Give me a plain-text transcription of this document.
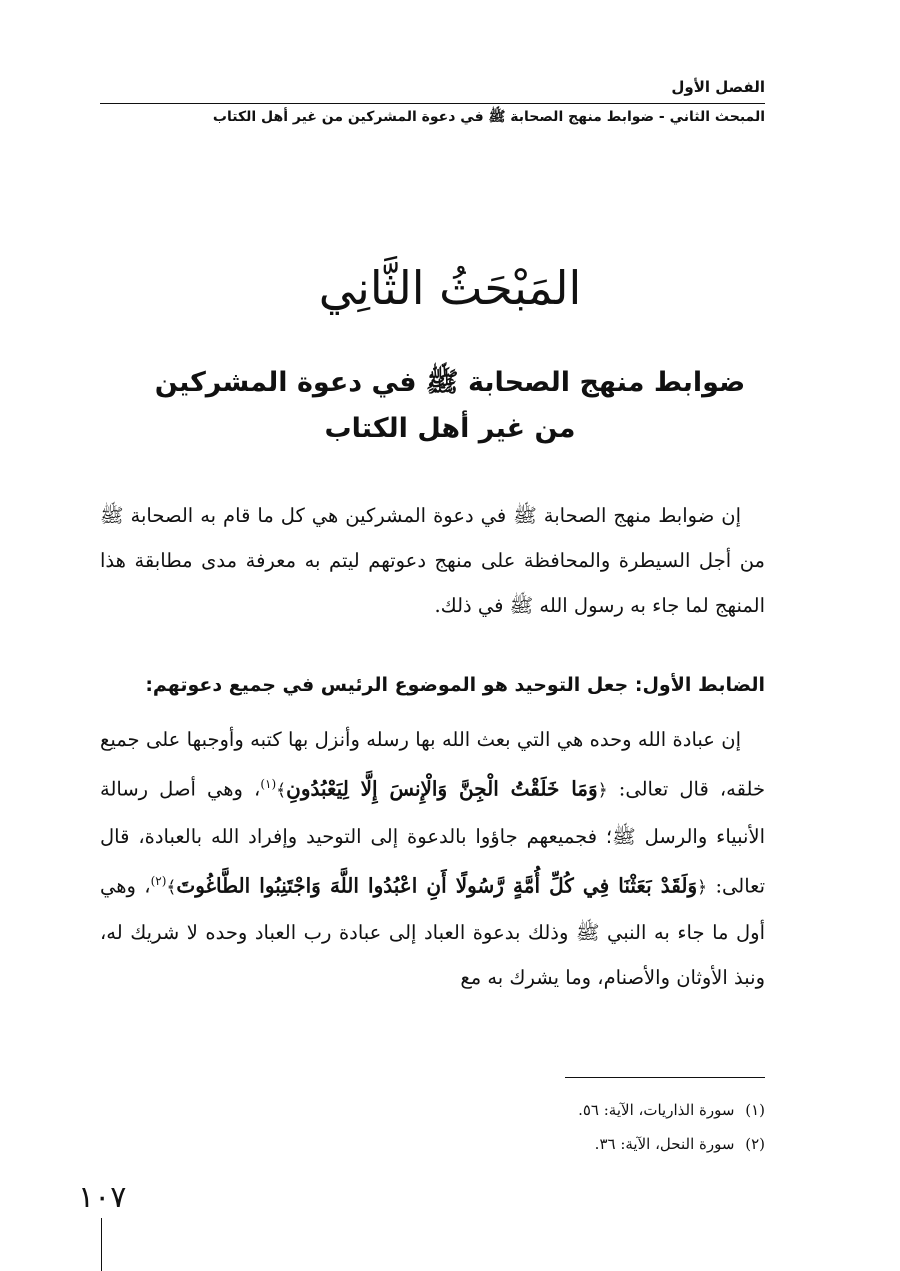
الفصل الأول
المبحث الثاني - ضوابط منهج الصحابة ﷺ في دعوة المشركين من غير أهل الكتاب
المَبْحَثُ الثَّانِي
ضوابط منهج الصحابة ﷺ في دعوة المشركين
من غير أهل الكتاب
إن ضوابط منهج الصحابة ﷺ في دعوة المشركين هي كل ما قام به الصحابة ﷺ من أجل السيطرة والمحافظة على منهج دعوتهم ليتم به معرفة مدى مطابقة هذا المنهج لما جاء به رسول الله ﷺ في ذلك.
الضابط الأول: جعل التوحيد هو الموضوع الرئيس في جميع دعوتهم:
إن عبادة الله وحده هي التي بعث الله بها رسله وأنزل بها كتبه وأوجبها على جميع خلقه، قال تعالى: ﴿وَمَا خَلَقْتُ الْجِنَّ وَالْإِنسَ إِلَّا لِيَعْبُدُونِ﴾$^{(١)}$، وهي أصل رسالة الأنبياء والرسل ﷺ؛ فجميعهم جاؤوا بالدعوة إلى التوحيد وإفراد الله بالعبادة، قال تعالى: ﴿وَلَقَدْ بَعَثْنَا فِي كُلِّ أُمَّةٍ رَّسُولًا أَنِ اعْبُدُوا اللَّهَ وَاجْتَنِبُوا الطَّاغُوتَ﴾$^{(٢)}$، وهي أول ما جاء به النبي ﷺ وذلك بدعوة العباد إلى عبادة رب العباد وحده لا شريك له، ونبذ الأوثان والأصنام، وما يشرك به مع
(١) سورة الذاريات، الآية: ٥٦.
(٢) سورة النحل، الآية: ٣٦.
١٠٧
